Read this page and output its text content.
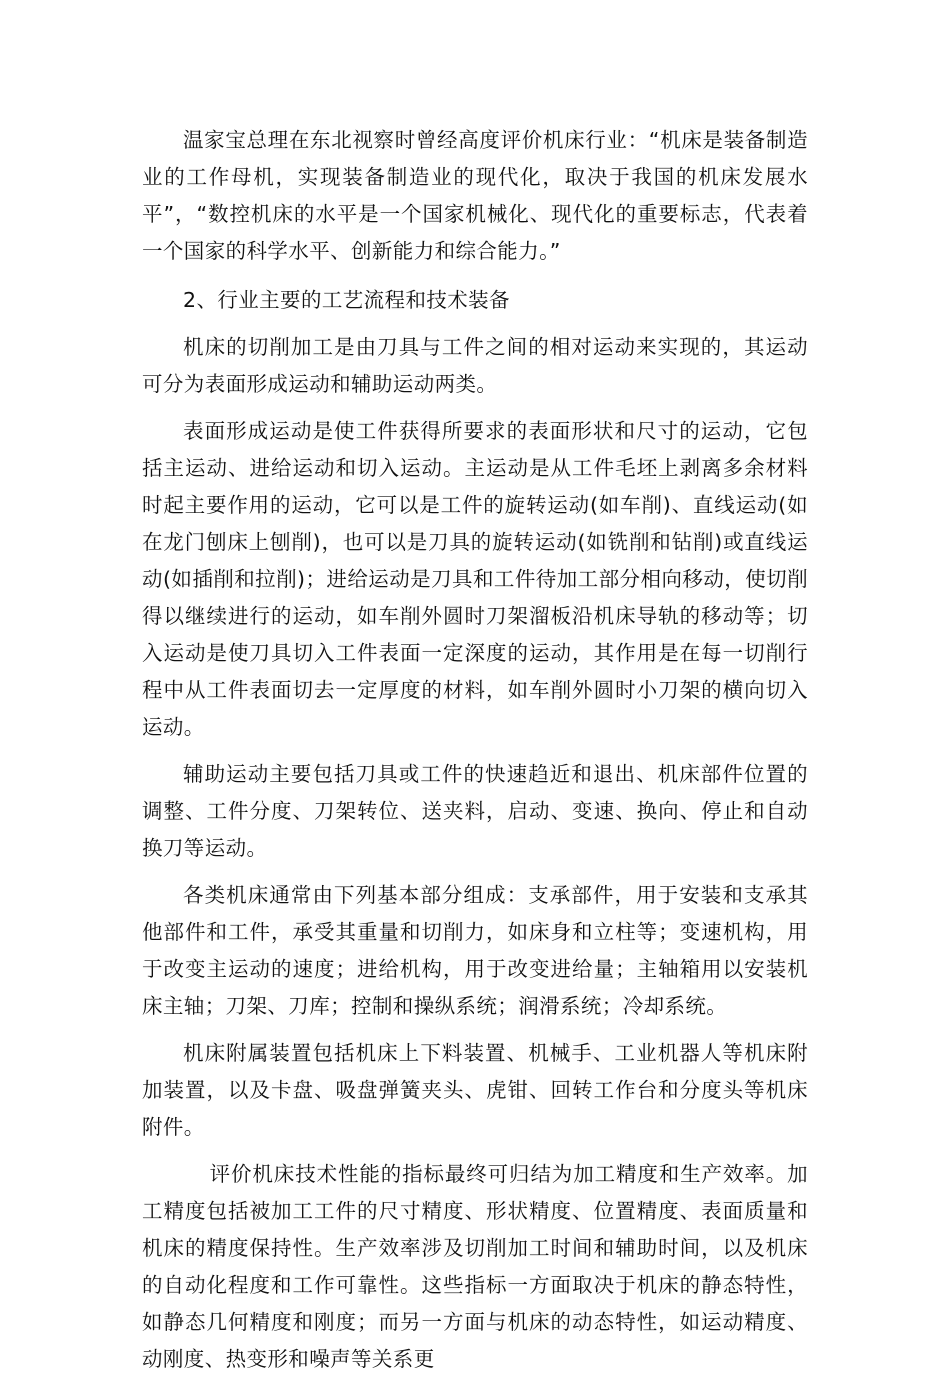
温家宝总理在东北视察时曾经高度评价机床行业：“机床是装备制造业的工作母机，实现装备制造业的现代化，取决于我国的机床发展水平”，“数控机床的水平是一个国家机械化、现代化的重要标志，代表着一个国家的科学水平、创新能力和综合能力。”

2、行业主要的工艺流程和技术装备

机床的切削加工是由刀具与工件之间的相对运动来实现的，其运动可分为表面形成运动和辅助运动两类。

表面形成运动是使工件获得所要求的表面形状和尺寸的运动，它包括主运动、进给运动和切入运动。主运动是从工件毛坯上剥离多余材料时起主要作用的运动，它可以是工件的旋转运动(如车削)、直线运动(如在龙门刨床上刨削)，也可以是刀具的旋转运动(如铣削和钻削)或直线运动(如插削和拉削)；进给运动是刀具和工件待加工部分相向移动，使切削得以继续进行的运动，如车削外圆时刀架溜板沿机床导轨的移动等；切入运动是使刀具切入工件表面一定深度的运动，其作用是在每一切削行程中从工件表面切去一定厚度的材料，如车削外圆时小刀架的横向切入运动。

辅助运动主要包括刀具或工件的快速趋近和退出、机床部件位置的调整、工件分度、刀架转位、送夹料，启动、变速、换向、停止和自动换刀等运动。

各类机床通常由下列基本部分组成：支承部件，用于安装和支承其他部件和工件，承受其重量和切削力，如床身和立柱等；变速机构，用于改变主运动的速度；进给机构，用于改变进给量；主轴箱用以安装机床主轴；刀架、刀库；控制和操纵系统；润滑系统；冷却系统。

机床附属装置包括机床上下料装置、机械手、工业机器人等机床附加装置，以及卡盘、吸盘弹簧夹头、虎钳、回转工作台和分度头等机床附件。

评价机床技术性能的指标最终可归结为加工精度和生产效率。加工精度包括被加工工件的尺寸精度、形状精度、位置精度、表面质量和机床的精度保持性。生产效率涉及切削加工时间和辅助时间，以及机床的自动化程度和工作可靠性。这些指标一方面取决于机床的静态特性，如静态几何精度和刚度；而另一方面与机床的动态特性，如运动精度、动刚度、热变形和噪声等关系更
